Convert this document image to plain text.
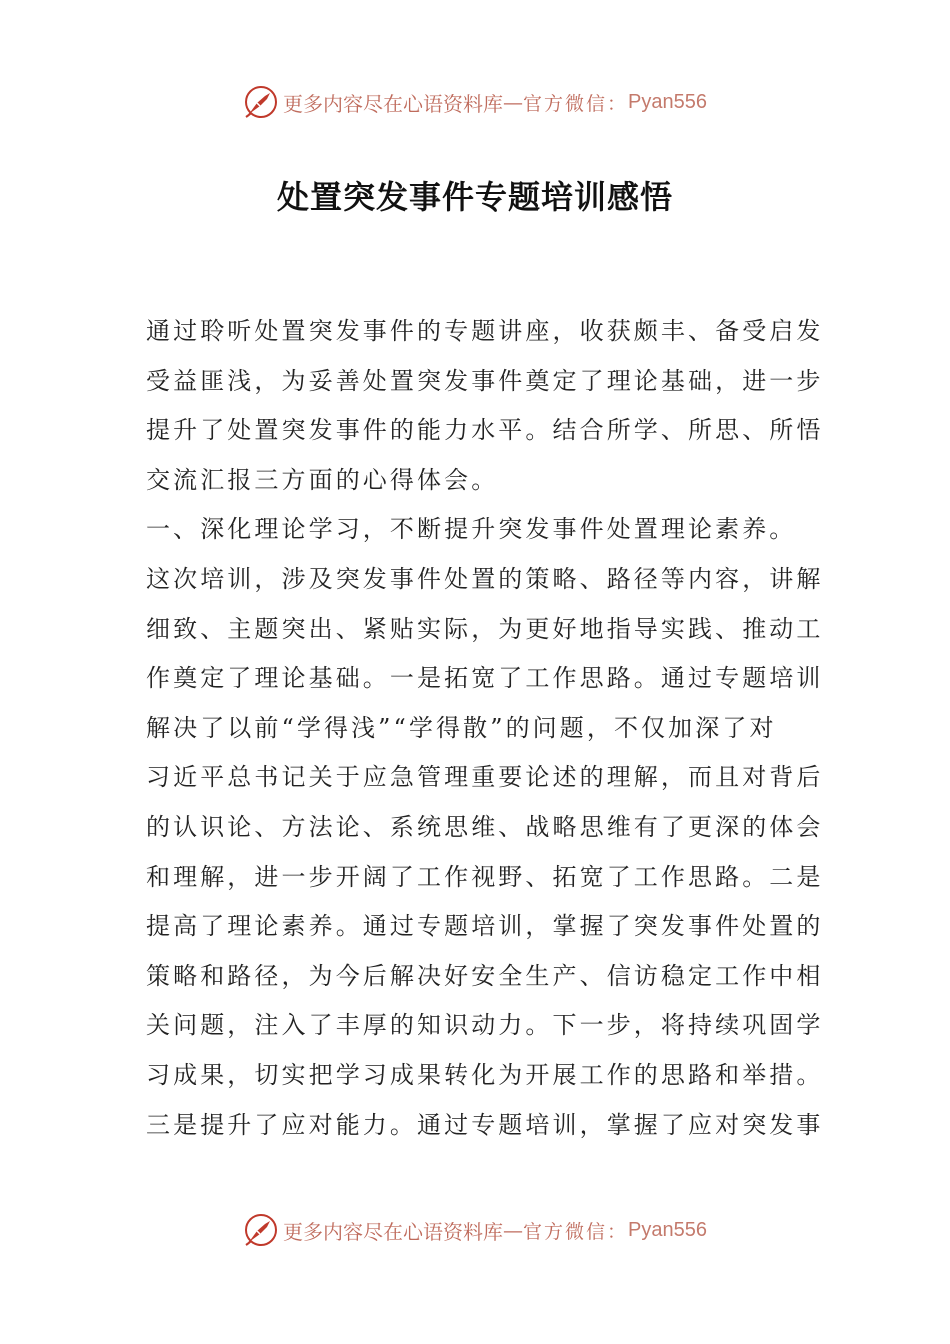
更多内容尽在心语资料库 — 官方微信： Pyan556
处置突发事件专题培训感悟
通过聆听处置突发事件的专题讲座，收获颇丰、备受启发
受益匪浅，为妥善处置突发事件奠定了理论基础，进一步
提升了处置突发事件的能力水平。结合所学、所思、所悟
交流汇报三方面的心得体会。
一、深化理论学习，不断提升突发事件处置理论素养。
这次培训，涉及突发事件处置的策略、路径等内容，讲解
细致、主题突出、紧贴实际，为更好地指导实践、推动工
作奠定了理论基础。一是拓宽了工作思路。通过专题培训
解决了以前“学得浅”“学得散”的问题，不仅加深了对
习近平总书记关于应急管理重要论述的理解，而且对背后
的认识论、方法论、系统思维、战略思维有了更深的体会
和理解，进一步开阔了工作视野、拓宽了工作思路。二是
提高了理论素养。通过专题培训，掌握了突发事件处置的
策略和路径，为今后解决好安全生产、信访稳定工作中相
关问题，注入了丰厚的知识动力。下一步，将持续巩固学
习成果，切实把学习成果转化为开展工作的思路和举措。
三是提升了应对能力。通过专题培训，掌握了应对突发事
更多内容尽在心语资料库 — 官方微信： Pyan556
